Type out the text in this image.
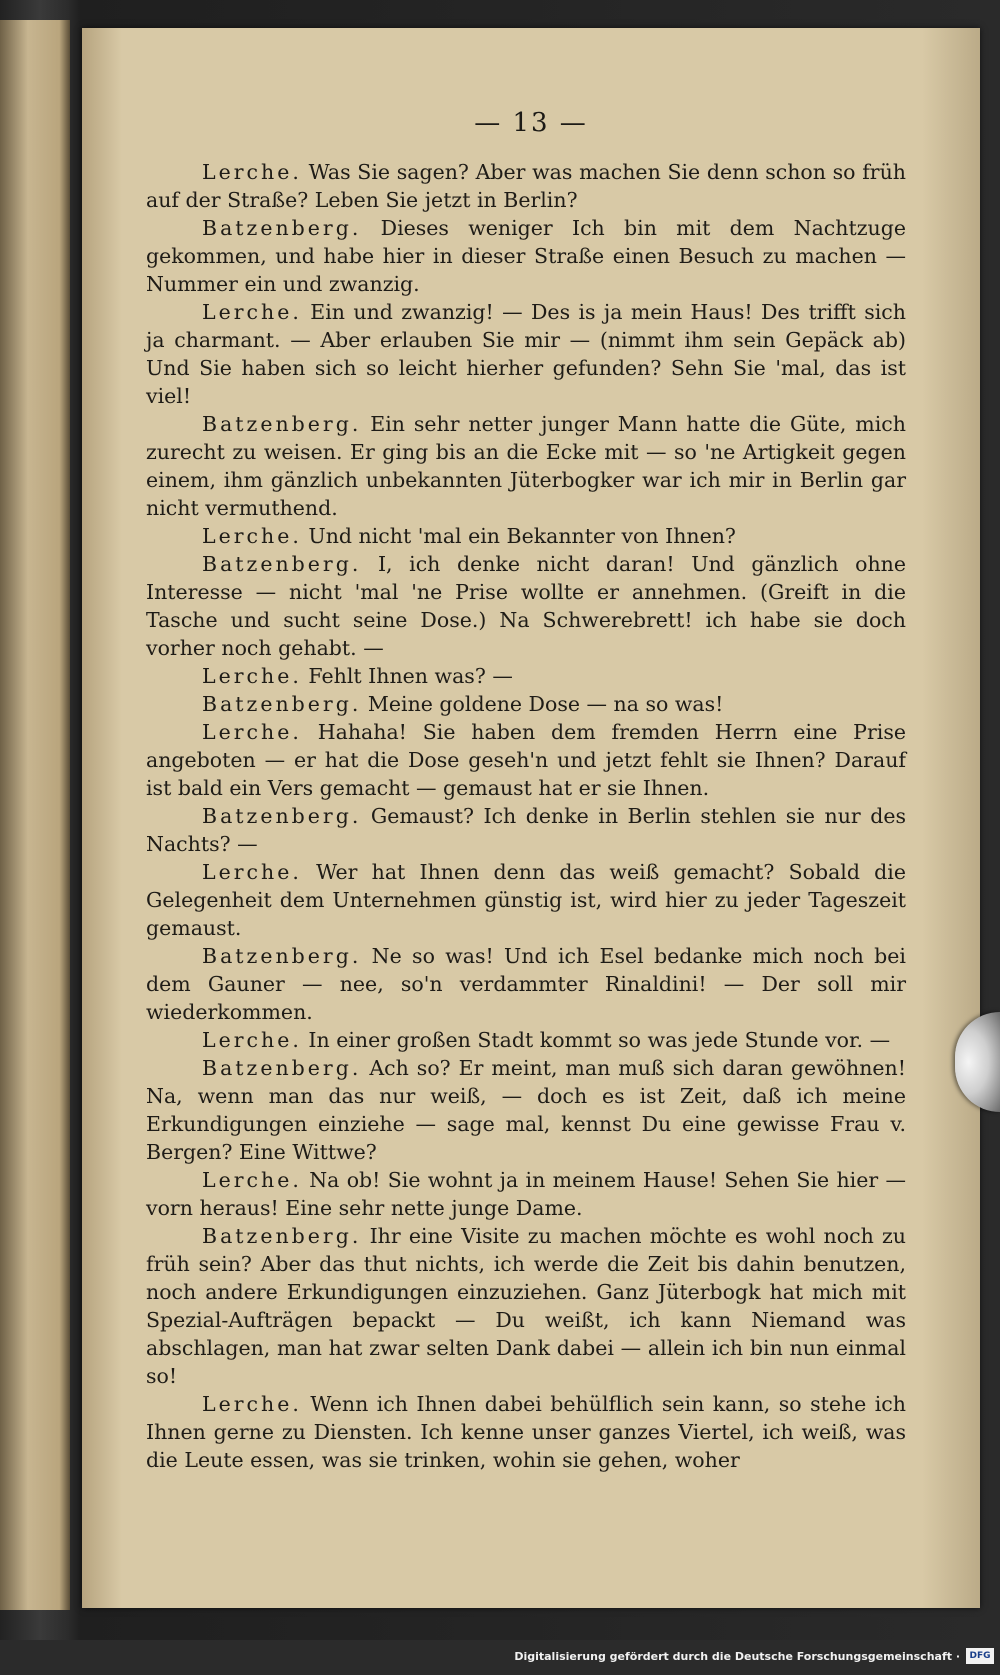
— 13 —

Lerche. Was Sie sagen? Aber was machen Sie denn schon so früh auf der Straße? Leben Sie jetzt in Berlin?

Batzenberg. Dieses weniger Ich bin mit dem Nachtzuge gekommen, und habe hier in dieser Straße einen Besuch zu machen — Nummer ein und zwanzig.

Lerche. Ein und zwanzig! — Des is ja mein Haus! Des trifft sich ja charmant. — Aber erlauben Sie mir — (nimmt ihm sein Gepäck ab) Und Sie haben sich so leicht hierher gefunden? Sehn Sie 'mal, das ist viel!

Batzenberg. Ein sehr netter junger Mann hatte die Güte, mich zurecht zu weisen. Er ging bis an die Ecke mit — so 'ne Artigkeit gegen einem, ihm gänzlich unbekannten Jüterbogker war ich mir in Berlin gar nicht vermuthend.

Lerche. Und nicht 'mal ein Bekannter von Ihnen?

Batzenberg. I, ich denke nicht daran! Und gänzlich ohne Interesse — nicht 'mal 'ne Prise wollte er annehmen. (Greift in die Tasche und sucht seine Dose.) Na Schwerebrett! ich habe sie doch vorher noch gehabt. —

Lerche. Fehlt Ihnen was? —

Batzenberg. Meine goldene Dose — na so was!

Lerche. Hahaha! Sie haben dem fremden Herrn eine Prise angeboten — er hat die Dose geseh'n und jetzt fehlt sie Ihnen? Darauf ist bald ein Vers gemacht — gemaust hat er sie Ihnen.

Batzenberg. Gemaust? Ich denke in Berlin stehlen sie nur des Nachts? —

Lerche. Wer hat Ihnen denn das weiß gemacht? Sobald die Gelegenheit dem Unternehmen günstig ist, wird hier zu jeder Tageszeit gemaust.

Batzenberg. Ne so was! Und ich Esel bedanke mich noch bei dem Gauner — nee, so'n verdammter Rinaldini! — Der soll mir wiederkommen.

Lerche. In einer großen Stadt kommt so was jede Stunde vor. —

Batzenberg. Ach so? Er meint, man muß sich daran gewöhnen! Na, wenn man das nur weiß, — doch es ist Zeit, daß ich meine Erkundigungen einziehe — sage mal, kennst Du eine gewisse Frau v. Bergen? Eine Wittwe?

Lerche. Na ob! Sie wohnt ja in meinem Hause! Sehen Sie hier — vorn heraus! Eine sehr nette junge Dame.

Batzenberg. Ihr eine Visite zu machen möchte es wohl noch zu früh sein? Aber das thut nichts, ich werde die Zeit bis dahin benutzen, noch andere Erkundigungen einzuziehen. Ganz Jüterbogk hat mich mit Spezial-Aufträgen bepackt — Du weißt, ich kann Niemand was abschlagen, man hat zwar selten Dank dabei — allein ich bin nun einmal so!

Lerche. Wenn ich Ihnen dabei behülflich sein kann, so stehe ich Ihnen gerne zu Diensten. Ich kenne unser ganzes Viertel, ich weiß, was die Leute essen, was sie trinken, wohin sie gehen, woher

Digitalisierung gefördert durch die Deutsche Forschungsgemeinschaft ·	DFG
